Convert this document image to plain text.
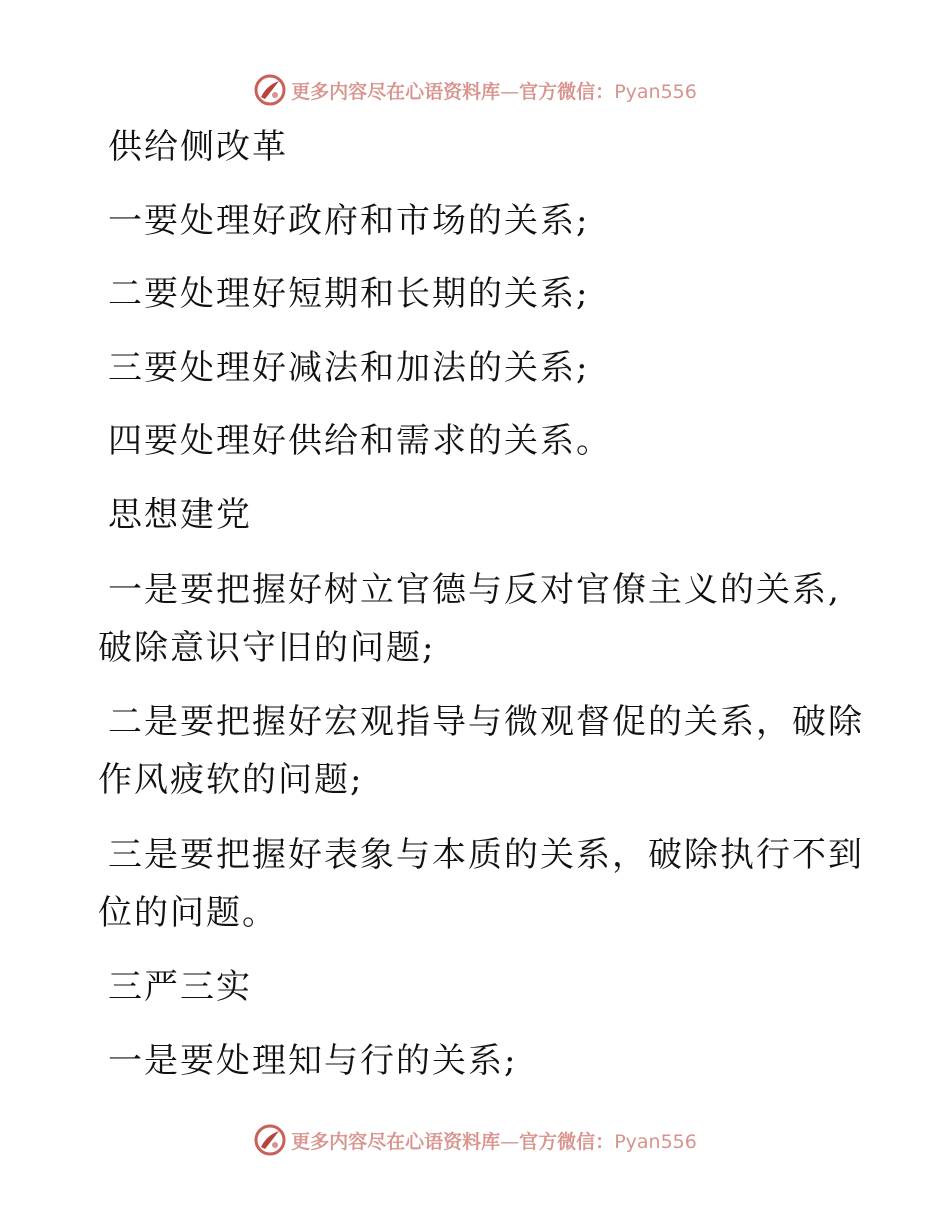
更多内容尽在心语资料库—官方微信：Pyan556
供给侧改革
一要处理好政府和市场的关系;
二要处理好短期和长期的关系;
三要处理好减法和加法的关系;
四要处理好供给和需求的关系。
思想建党
一是要把握好树立官德与反对官僚主义的关系,
破除意识守旧的问题;
二是要把握好宏观指导与微观督促的关系，破除
作风疲软的问题;
三是要把握好表象与本质的关系，破除执行不到
位的问题。
三严三实
一是要处理知与行的关系;
更多内容尽在心语资料库—官方微信：Pyan556
